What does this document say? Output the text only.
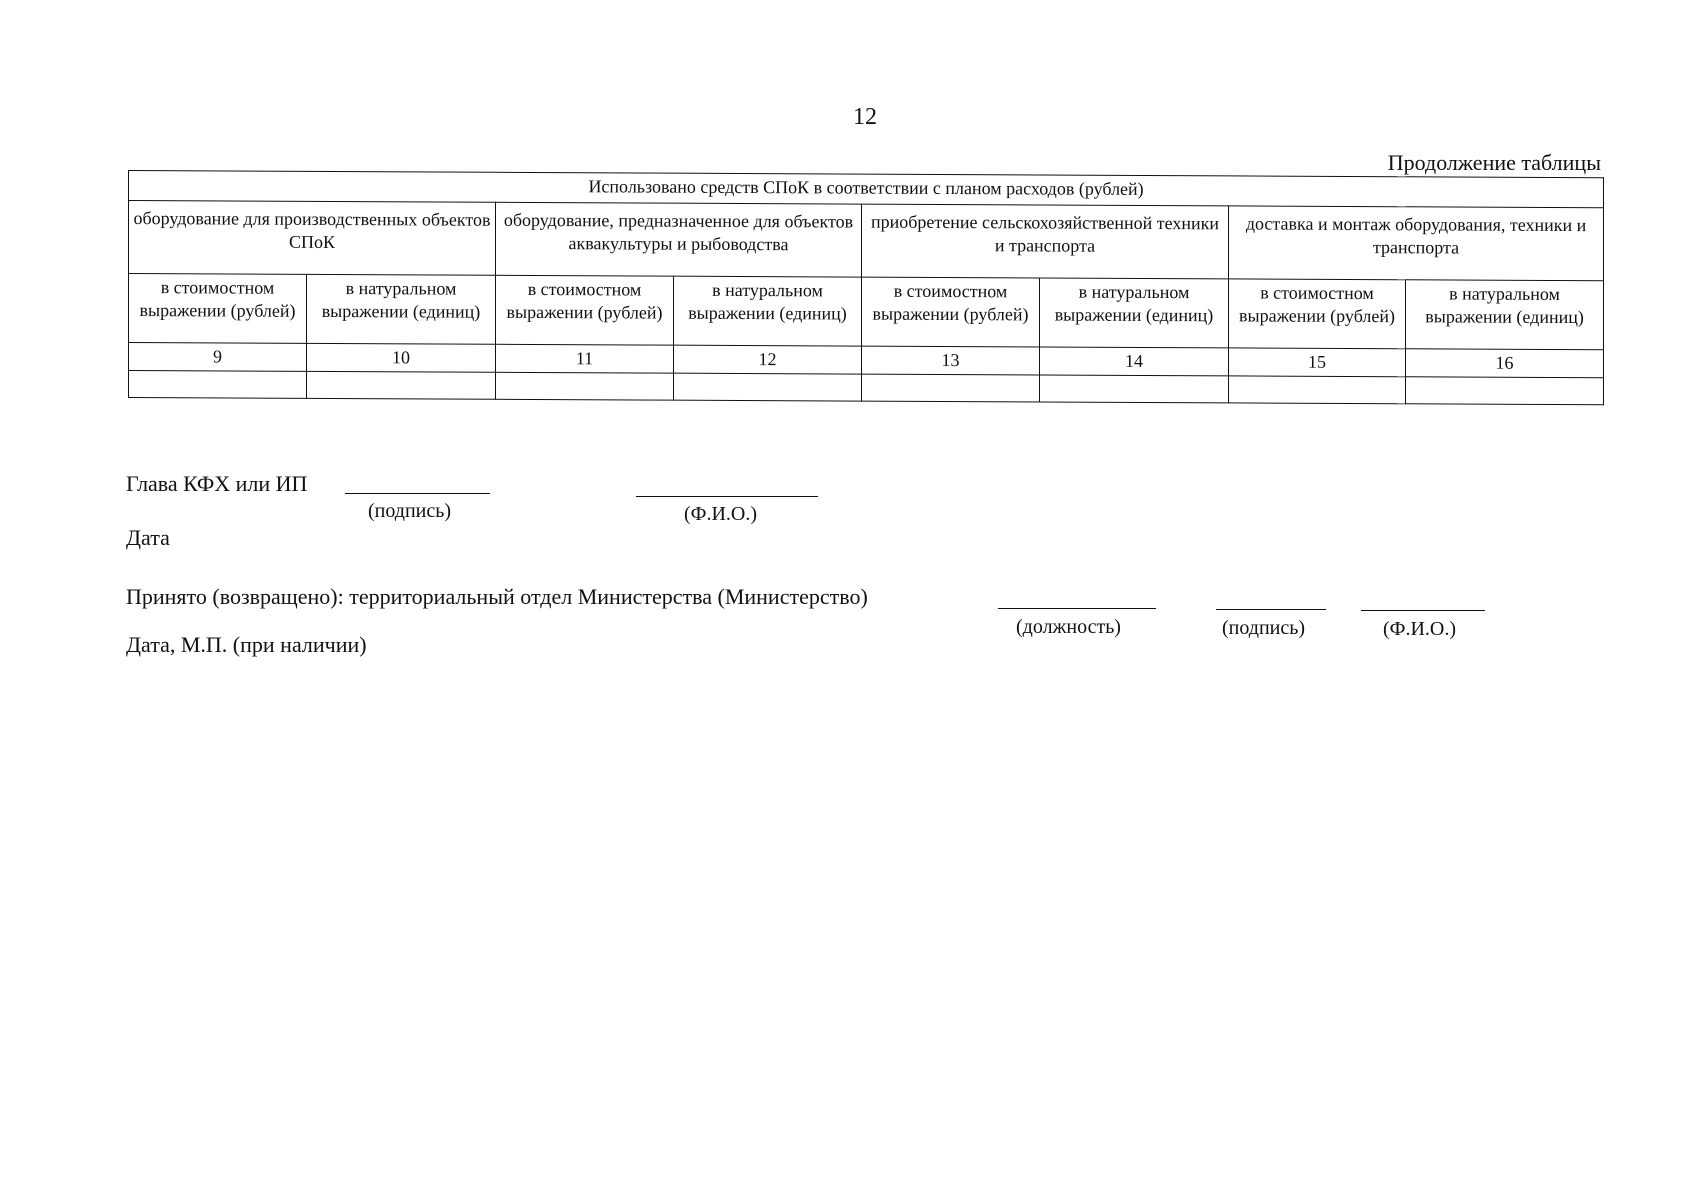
12
Продолжение таблицы
Использовано средств СПоК в соответствии с планом расходов (рублей)							
оборудование для производственных объектов СПоК		оборудование, предназначенное для объектов аквакультуры и рыбоводства		приобретение сельскохозяйственной техники и транспорта		доставка и монтаж оборудования, техники и транспорта	
в стоимостном выражении (рублей)	в натуральном выражении (единиц)	в стоимостном выражении (рублей)	в натуральном выражении (единиц)	в стоимостном выражении (рублей)	в натуральном выражении (единиц)	в стоимостном выражении (рублей)	в натуральном выражении (единиц)
9	10	11	12	13	14	15	16

Глава КФХ или ИП
(подпись)	(Ф.И.О.)
Дата
Принято (возвращено): территориальный отдел Министерства (Министерство)
(должность)	(подпись)	(Ф.И.О.)
Дата, М.П. (при наличии)
